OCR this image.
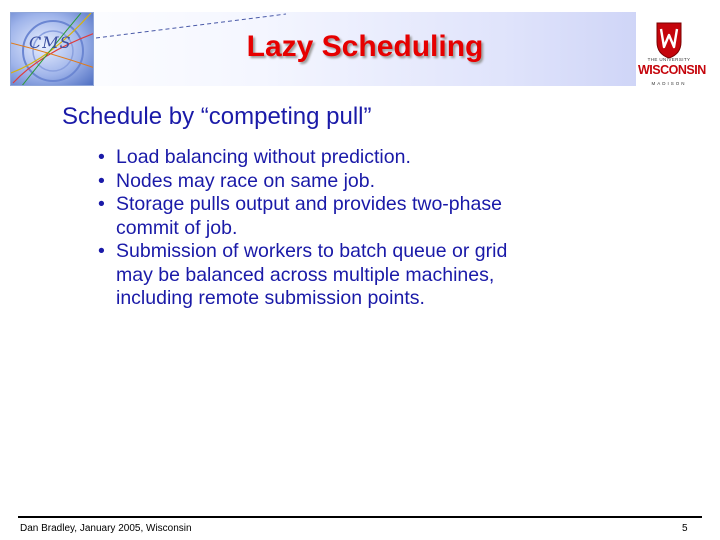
CMS	Lazy Scheduling	THE UNIVERSITY
WISCONSIN
MADISON
Schedule by “competing pull”
• Load balancing without prediction.
• Nodes may race on same job.
• Storage pulls output and provides two-phase
commit of job.
• Submission of workers to batch queue or grid
may be balanced across multiple machines,
including remote submission points.
Dan Bradley, January 2005, Wisconsin	5
